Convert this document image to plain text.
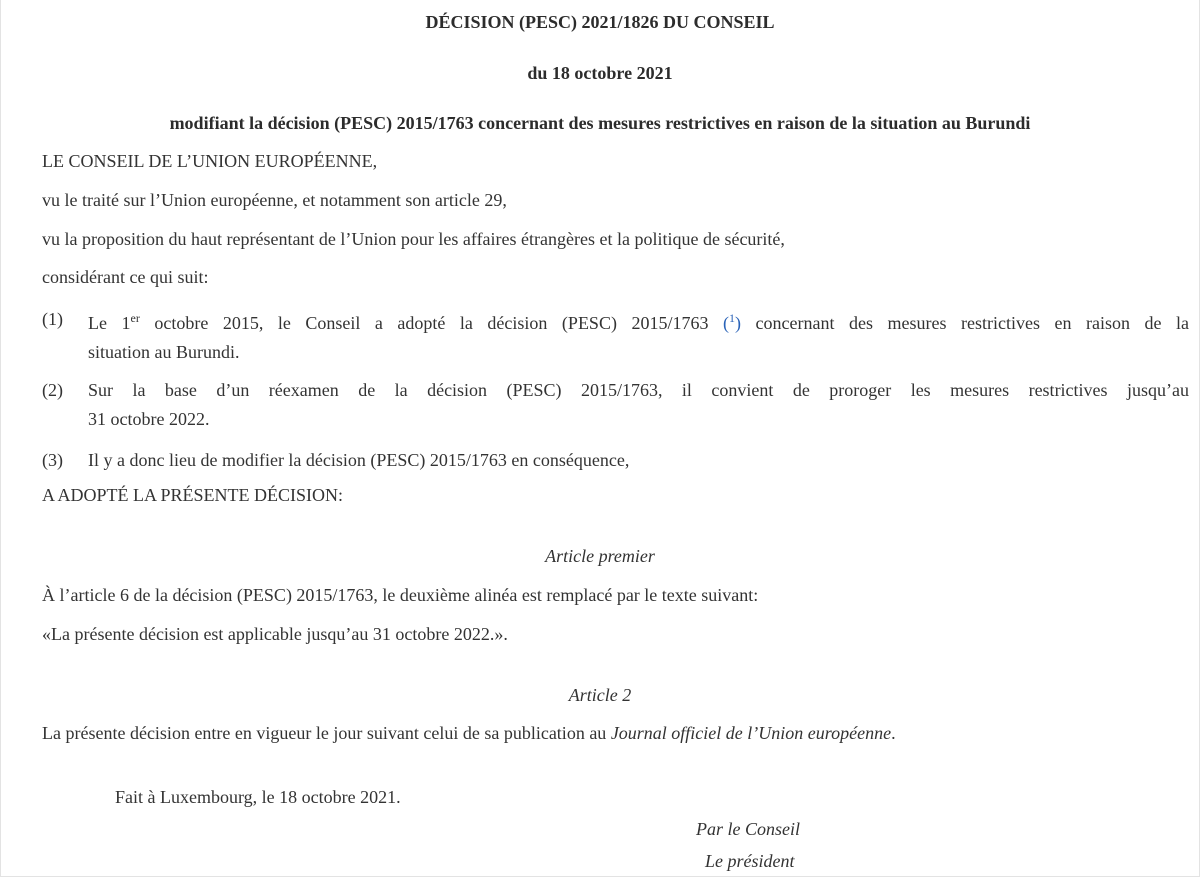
DÉCISION (PESC) 2021/1826 DU CONSEIL
du 18 octobre 2021
modifiant la décision (PESC) 2015/1763 concernant des mesures restrictives en raison de la situation au Burundi
LE CONSEIL DE L’UNION EUROPÉENNE,
vu le traité sur l’Union européenne, et notamment son article 29,
vu la proposition du haut représentant de l’Union pour les affaires étrangères et la politique de sécurité,
considérant ce qui suit:
(1) Le 1er octobre 2015, le Conseil a adopté la décision (PESC) 2015/1763 ($^1$) concernant des mesures restrictives en raison de la
situation au Burundi.
(2) Sur la base d’un réexamen de la décision (PESC) 2015/1763, il convient de proroger les mesures restrictives jusqu’au
31 octobre 2022.
(3) Il y a donc lieu de modifier la décision (PESC) 2015/1763 en conséquence,
A ADOPTÉ LA PRÉSENTE DÉCISION:
Article premier
À l’article 6 de la décision (PESC) 2015/1763, le deuxième alinéa est remplacé par le texte suivant:
«La présente décision est applicable jusqu’au 31 octobre 2022.».
Article 2
La présente décision entre en vigueur le jour suivant celui de sa publication au Journal officiel de l’Union européenne.
Fait à Luxembourg, le 18 octobre 2021.
Par le Conseil
Le président
